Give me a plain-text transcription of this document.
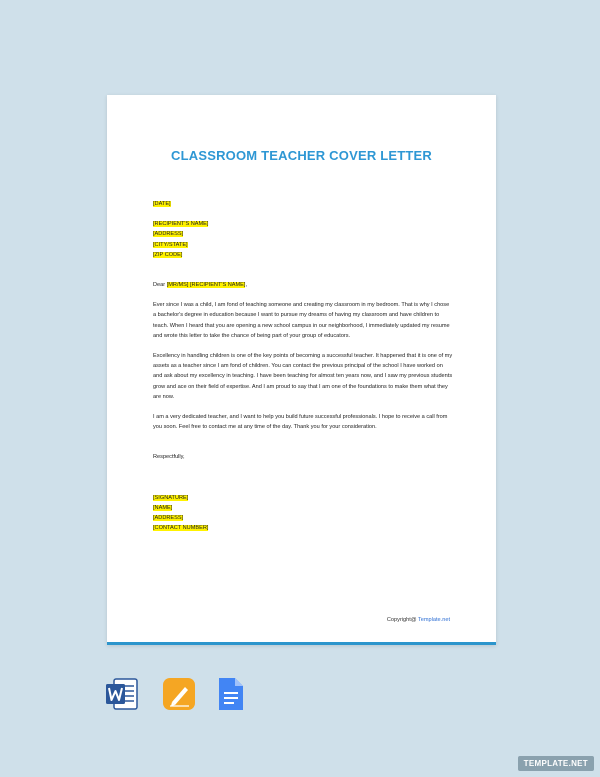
CLASSROOM TEACHER COVER LETTER
[DATE]
[RECIPIENT'S NAME]
[ADDRESS]
[CITY/STATE]
[ZIP CODE]
Dear [MR/MS] [RECIPIENT'S NAME],

Ever since I was a child, I am fond of teaching someone and creating my classroom in my bedroom. That is why I chose a bachelor's degree in education because I want to pursue my dreams of having my classroom and have children to teach. When I heard that you are opening a new school campus in our neighborhood, I immediately updated my resume and wrote this letter to take the chance of being part of your group of educators.

Excellency in handling children is one of the key points of becoming a successful teacher. It happened that it is one of my assets as a teacher since I am fond of children. You can contact the previous principal of the school I have worked on and ask about my excellency in teaching. I have been teaching for almost ten years now, and I saw my previous students grow and ace on their field of expertise. And I am proud to say that I am one of the foundations to make them what they are now.

I am a very dedicated teacher, and I want to help you build future successful professionals. I hope to receive a call from you soon. Feel free to contact me at any time of the day. Thank you for your consideration.

Respectfully,
[SIGNATURE]
[NAME]
[ADDRESS]
[CONTACT NUMBER]
Copyright@ Template.net
TEMPLATE.NET
